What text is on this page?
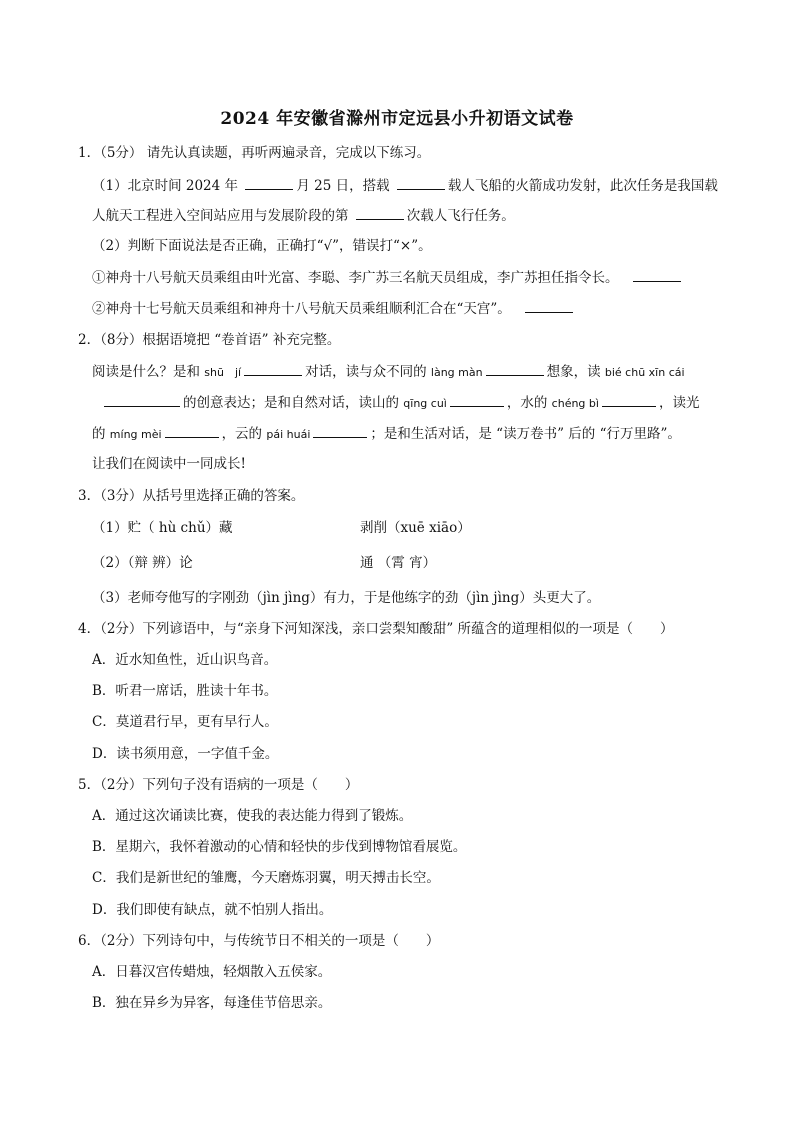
2024 年安徽省滁州市定远县小升初语文试卷
1．（5分） 请先认真读题，再听两遍录音，完成以下练习。
（1）北京时间 2024 年	月 25 日，搭载	载人飞船的火箭成功发射，此次任务是我国载
人航天工程进入空间站应用与发展阶段的第	次载人飞行任务。
（2）判断下面说法是否正确，正确打“√”，错误打“×”。
①神舟十八号航天员乘组由叶光富、李聪、李广苏三名航天员组成，李广苏担任指令长。
②神舟十七号航天员乘组和神舟十八号航天员乘组顺利汇合在“天宫”。
2．（8分）根据语境把 “卷首语” 补充完整。
阅读是什么？是和 shū　jí	对话，读与众不同的 làng màn	想象，读 bié chū xīn cái
的创意表达；是和自然对话，读山的 qīng cuì	，水的 chéng bì	，读光
的 míng mèi	，云的 pái huái	；是和生活对话，是 “读万卷书” 后的 “行万里路”。
让我们在阅读中一同成长!
3．（3分）从括号里选择正确的答案。
（1）贮（ hù chǔ）藏	剥削（xuē xiāo）
（2）（辩 辨）论	通 （霄 宵）
（3）老师夸他写的字刚劲（jìn jìng）有力，于是他练字的劲（jìn jìng）头更大了。
4．（2分）下列谚语中，与“亲身下河知深浅，亲口尝梨知酸甜” 所蕴含的道理相似的一项是（　　）
A．近水知鱼性，近山识鸟音。
B．听君一席话，胜读十年书。
C．莫道君行早，更有早行人。
D．读书须用意，一字值千金。
5．（2分）下列句子没有语病的一项是（　　）
A．通过这次诵读比赛，使我的表达能力得到了锻炼。
B．星期六，我怀着激动的心情和轻快的步伐到博物馆看展览。
C．我们是新世纪的雏鹰，今天磨炼羽翼，明天搏击长空。
D．我们即使有缺点，就不怕别人指出。
6．（2分）下列诗句中，与传统节日不相关的一项是（　　）
A．日暮汉宫传蜡烛，轻烟散入五侯家。
B．独在异乡为异客，每逢佳节倍思亲。
